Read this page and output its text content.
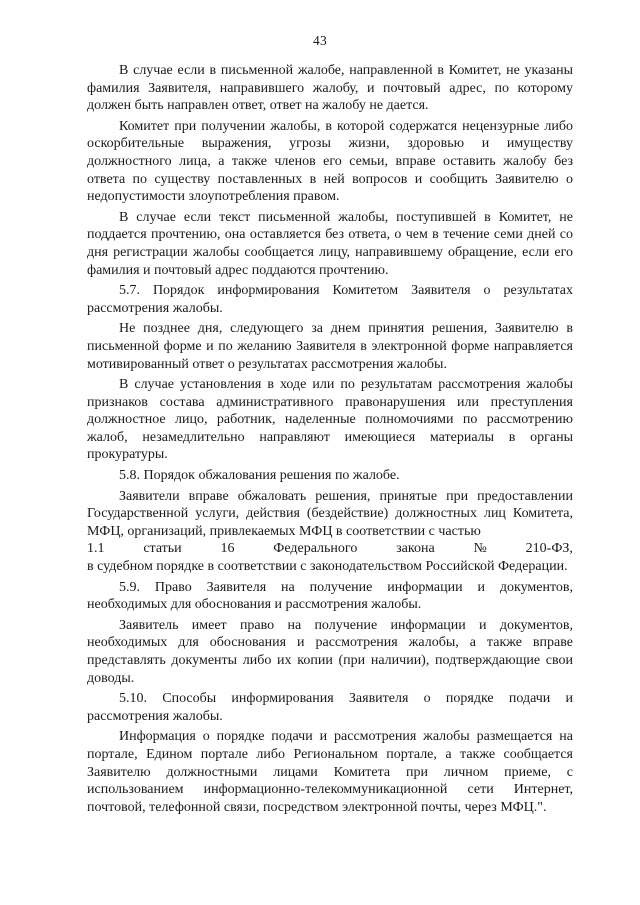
43

В случае если в письменной жалобе, направленной в Комитет, не указаны фамилия Заявителя, направившего жалобу, и почтовый адрес, по которому должен быть направлен ответ, ответ на жалобу не дается.

Комитет при получении жалобы, в которой содержатся нецензурные либо оскорбительные выражения, угрозы жизни, здоровью и имуществу должностного лица, а также членов его семьи, вправе оставить жалобу без ответа по существу поставленных в ней вопросов и сообщить Заявителю о недопустимости злоупотребления правом.

В случае если текст письменной жалобы, поступившей в Комитет, не поддается прочтению, она оставляется без ответа, о чем в течение семи дней со дня регистрации жалобы сообщается лицу, направившему обращение, если его фамилия и почтовый адрес поддаются прочтению.

5.7. Порядок информирования Комитетом Заявителя о результатах рассмотрения жалобы.

Не позднее дня, следующего за днем принятия решения, Заявителю в письменной форме и по желанию Заявителя в электронной форме направляется мотивированный ответ о результатах рассмотрения жалобы.

В случае установления в ходе или по результатам рассмотрения жалобы признаков состава административного правонарушения или преступления должностное лицо, работник, наделенные полномочиями по рассмотрению жалоб, незамедлительно направляют имеющиеся материалы в органы прокуратуры.

5.8. Порядок обжалования решения по жалобе.

Заявители вправе обжаловать решения, принятые при предоставлении Государственной услуги, действия (бездействие) должностных лиц Комитета, МФЦ, организаций, привлекаемых МФЦ в соответствии с частью

1.1	статьи	16	Федерального	закона	№	210-ФЗ,

в судебном порядке в соответствии с законодательством Российской Федерации.

5.9. Право Заявителя на получение информации и документов, необходимых для обоснования и рассмотрения жалобы.

Заявитель имеет право на получение информации и документов, необходимых для обоснования и рассмотрения жалобы, а также вправе представлять документы либо их копии (при наличии), подтверждающие свои доводы.

5.10. Способы информирования Заявителя о порядке подачи и рассмотрения жалобы.

Информация о порядке подачи и рассмотрения жалобы размещается на портале, Едином портале либо Региональном портале, а также сообщается Заявителю должностными лицами Комитета при личном приеме, с использованием информационно-телекоммуникационной сети Интернет, почтовой, телефонной связи, посредством электронной почты, через МФЦ.".
